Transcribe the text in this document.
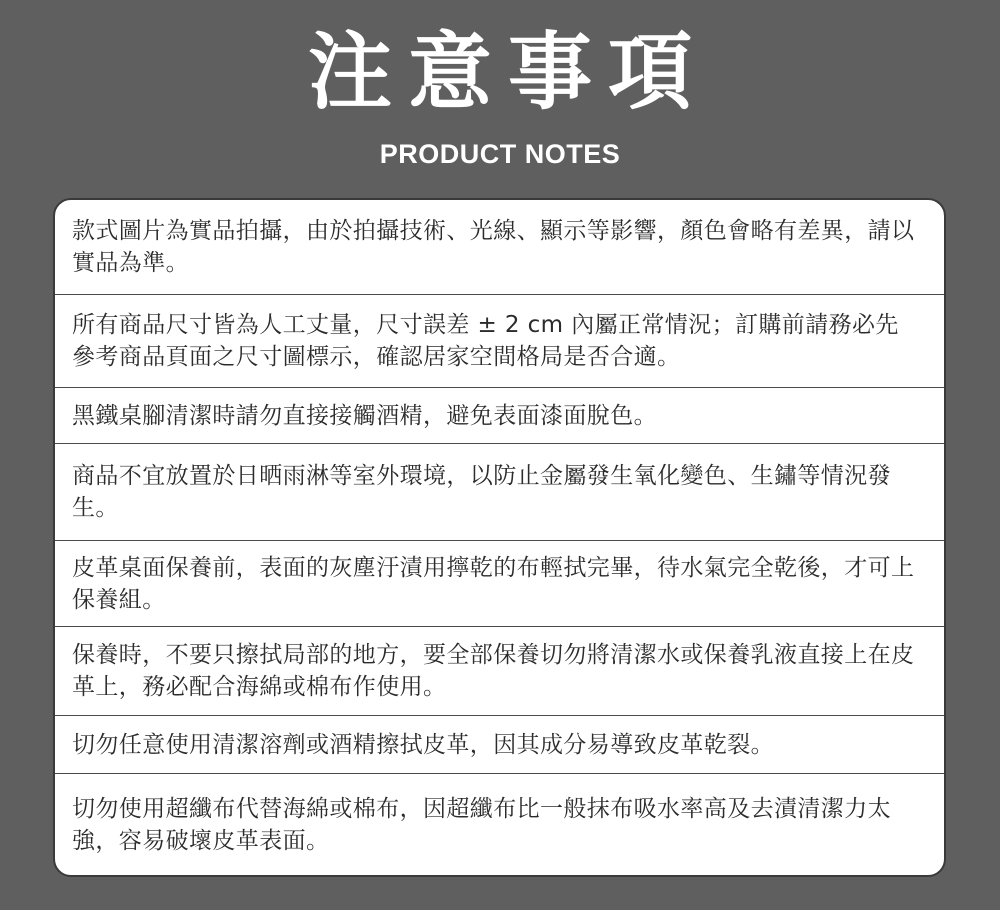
注意事項
PRODUCT NOTES
款式圖片為實品拍攝，由於拍攝技術、光線、顯示等影響，顏色會略有差異，請以實品為準。
所有商品尺寸皆為人工丈量，尺寸誤差 ± 2 cm 內屬正常情況；訂購前請務必先參考商品頁面之尺寸圖標示，確認居家空間格局是否合適。
黑鐵桌腳清潔時請勿直接接觸酒精，避免表面漆面脫色。
商品不宜放置於日晒雨淋等室外環境，以防止金屬發生氧化變色、生鏽等情況發生。
皮革桌面保養前，表面的灰塵汙漬用擰乾的布輕拭完畢，待水氣完全乾後，才可上保養組。
保養時，不要只擦拭局部的地方，要全部保養切勿將清潔水或保養乳液直接上在皮革上，務必配合海綿或棉布作使用。
切勿任意使用清潔溶劑或酒精擦拭皮革，因其成分易導致皮革乾裂。
切勿使用超纖布代替海綿或棉布，因超纖布比一般抹布吸水率高及去漬清潔力太強，容易破壞皮革表面。
